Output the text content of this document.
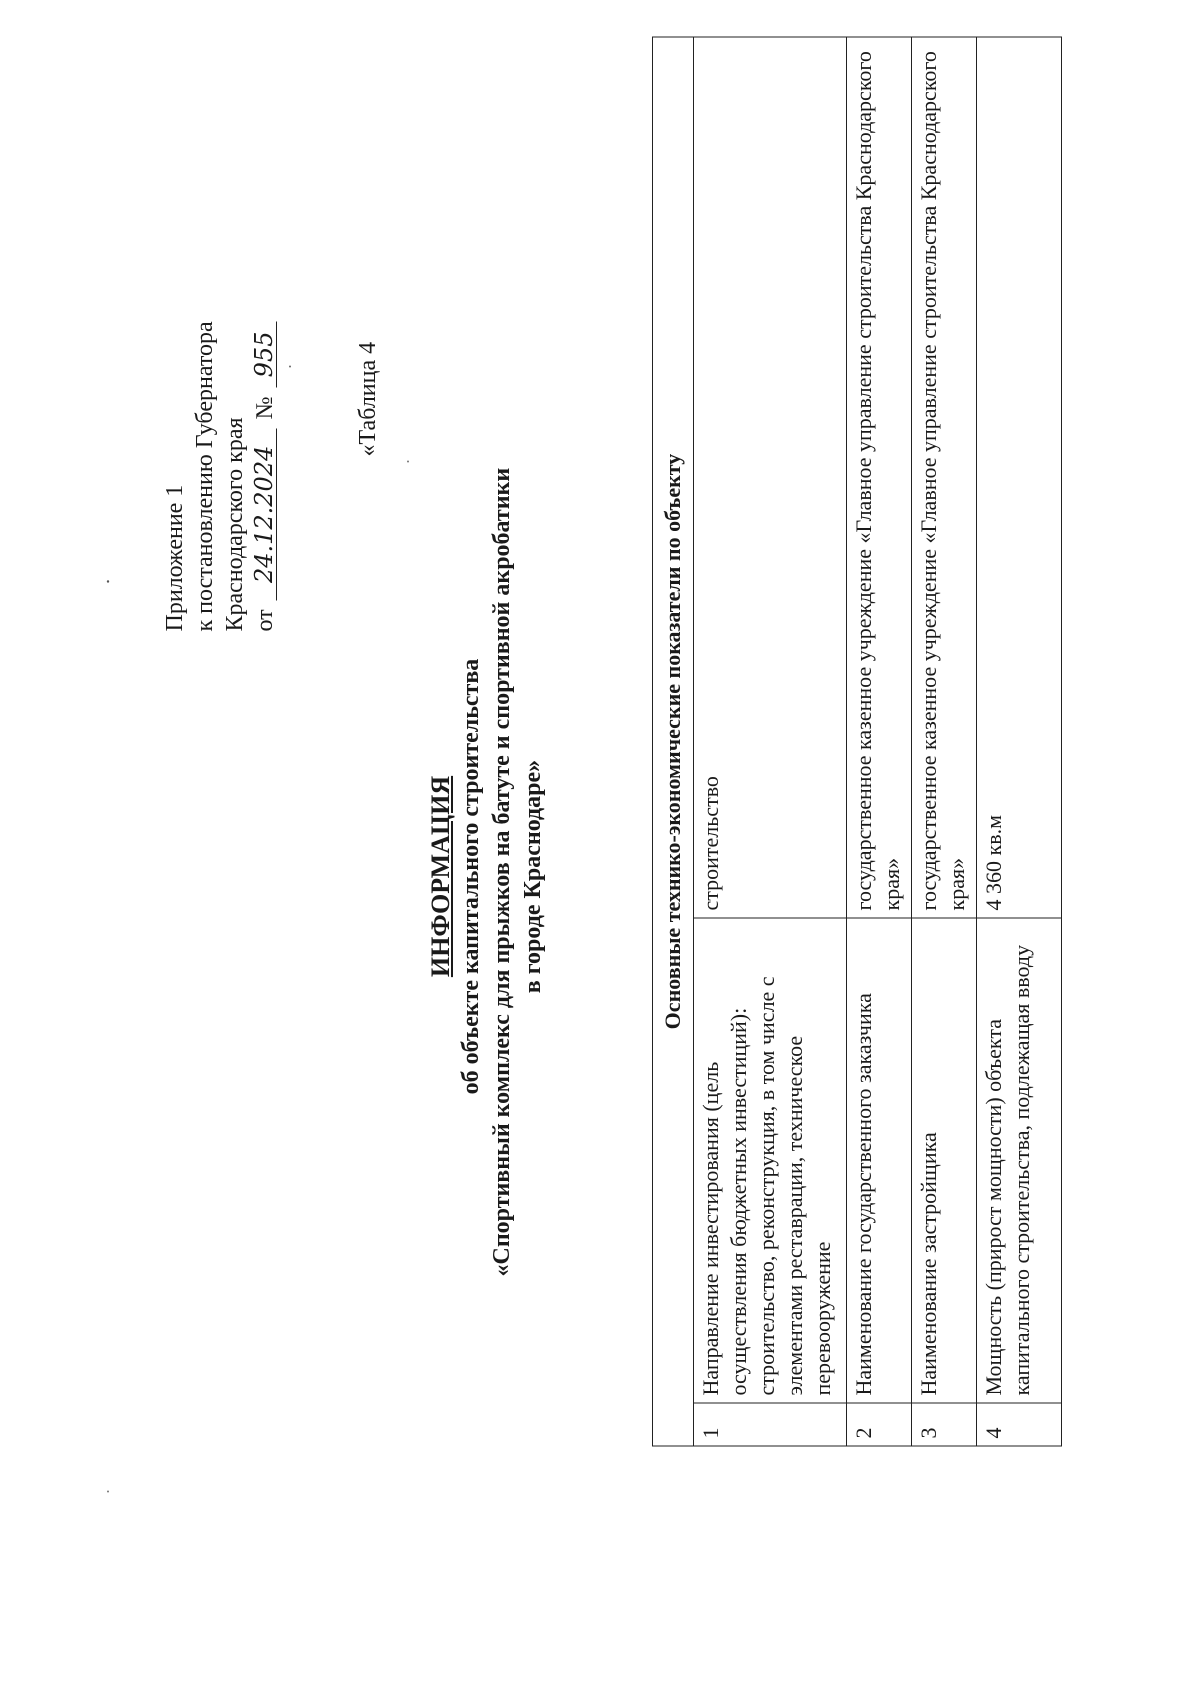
Приложение 1 к постановлению Губернатора Краснодарского края от 24.12.2024 № 955	«Таблица 4
ИНФОРМАЦИЯ об объекте капитального строительства «Спортивный комплекс для прыжков на батуте и спортивной акробатики в городе Краснодаре»	Основные технико-экономические показатели по объекту		
1	Направление инвестирования (цель осуществления бюджетных инвестиций): строительство, реконструкция, в том числе с элементами реставрации, техническое перевооружение	строительство
2	Наименование государственного заказчика	государственное казенное учреждение «Главное управление строительства Краснодарского края»
3	Наименование застройщика	государственное казенное учреждение «Главное управление строительства Краснодарского края»
4	Мощность (прирост мощности) объекта капитального строительства, подлежащая вводу	4 360 кв.м
